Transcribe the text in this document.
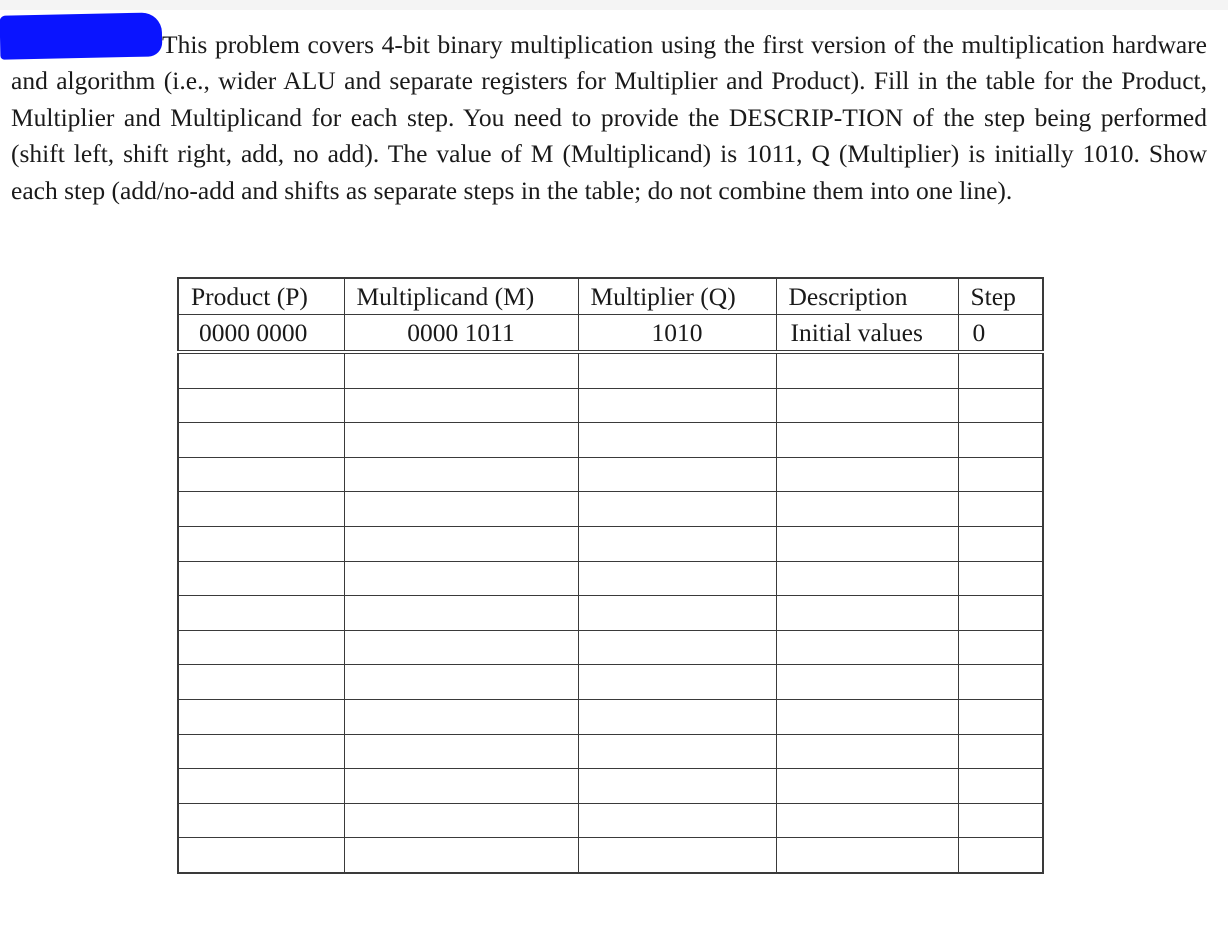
This problem covers 4-bit binary multiplication using the first version of the multiplication hardware and algorithm (i.e., wider ALU and separate registers for Multiplier and Product). Fill in the table for the Product, Multiplier and Multiplicand for each step. You need to provide the DESCRIP-TION of the step being performed (shift left, shift right, add, no add). The value of M (Multiplicand) is 1011, Q (Multiplier) is initially 1010. Show each step (add/no-add and shifts as separate steps in the table; do not combine them into one line).

Product (P)	Multiplicand (M)	Multiplier (Q)	Description	Step
0000 0000	0000 1011	1010	Initial values	0
